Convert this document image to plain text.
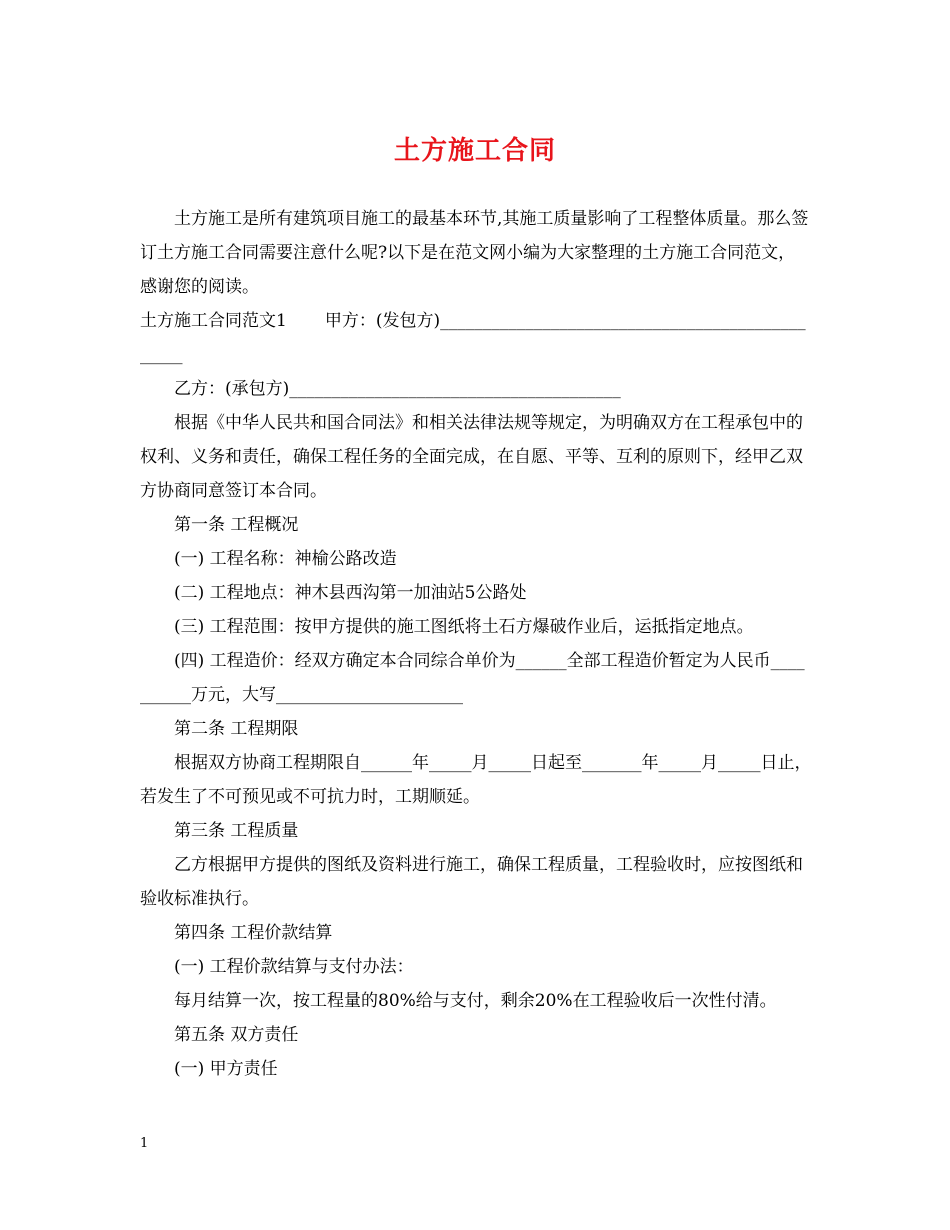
土方施工合同

土方施工是所有建筑项目施工的最基本环节,其施工质量影响了工程整体质量。那么签订土方施工合同需要注意什么呢?以下是在范文网小编为大家整理的土方施工合同范文，感谢您的阅读。

土方施工合同范文1 甲方：(发包方)________________________________________________

乙方：(承包方)_______________________________________

根据《中华人民共和国合同法》和相关法律法规等规定，为明确双方在工程承包中的权利、义务和责任，确保工程任务的全面完成，在自愿、平等、互利的原则下，经甲乙双方协商同意签订本合同。

第一条 工程概况

(一) 工程名称：神榆公路改造

(二) 工程地点：神木县西沟第一加油站5公路处

(三) 工程范围：按甲方提供的施工图纸将土石方爆破作业后，运抵指定地点。

(四) 工程造价：经双方确定本合同综合单价为______全部工程造价暂定为人民币__________万元，大写______________________

第二条 工程期限

根据双方协商工程期限自______年_____月_____日起至_______年_____月_____日止，若发生了不可预见或不可抗力时，工期顺延。

第三条 工程质量

乙方根据甲方提供的图纸及资料进行施工，确保工程质量，工程验收时，应按图纸和验收标准执行。

第四条 工程价款结算

(一) 工程价款结算与支付办法：

每月结算一次，按工程量的80%给与支付，剩余20%在工程验收后一次性付清。

第五条 双方责任

(一) 甲方责任

1
